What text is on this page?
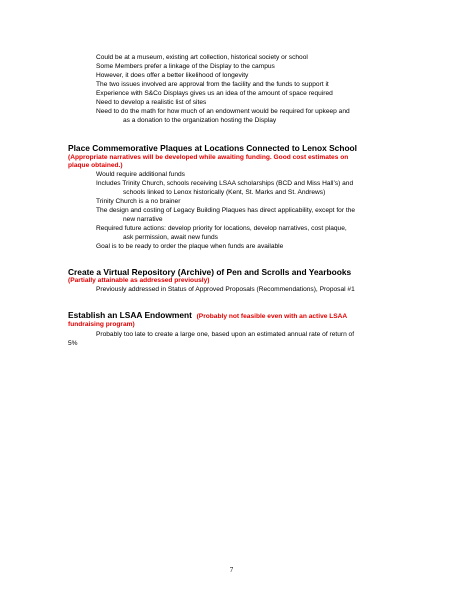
Could be at a museum, existing art collection, historical society or school
Some Members prefer a linkage of the Display to the campus
However, it does offer a better likelihood of longevity
The two issues involved are approval from the facility and the funds to support it
Experience with S&Co Displays gives us an idea of the amount of space required
Need to develop a realistic list of sites
Need to do the math for how much of an endowment would be required for upkeep and
as a donation to the organization hosting the Display
Place Commemorative Plaques at Locations Connected to Lenox School
(Appropriate narratives will be developed while awaiting funding. Good cost estimates on
plaque obtained.)
Would require additional funds
Includes Trinity Church, schools receiving LSAA scholarships (BCD and Miss Hall’s) and
schools linked to Lenox historically (Kent, St. Marks and St. Andrews)
Trinity Church is a no brainer
The design and costing of Legacy Building Plaques has direct applicability, except for the
new narrative
Required future actions: develop priority for locations, develop narratives, cost plaque,
ask permission, await new funds
Goal is to be ready to order the plaque when funds are available
Create a Virtual Repository (Archive) of Pen and Scrolls and Yearbooks
(Partially attainable as addressed previously)
Previously addressed in Status of Approved Proposals (Recommendations), Proposal #1
Establish an LSAA Endowment (Probably not feasible even with an active LSAA
fundraising program)
Probably too late to create a large one, based upon an estimated annual rate of return of
5%
7
